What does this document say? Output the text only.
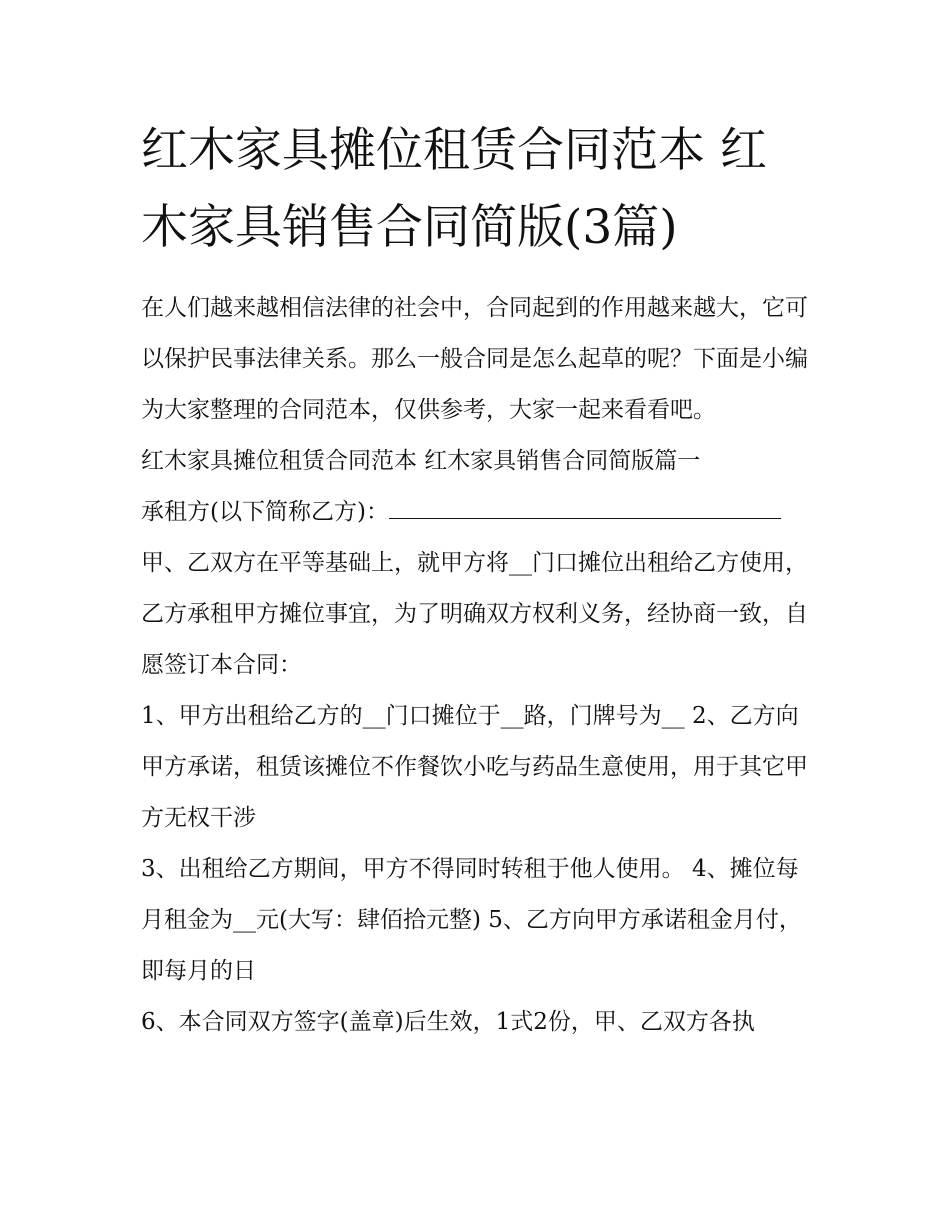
红木家具摊位租赁合同范本 红木家具销售合同简版(3篇)

在人们越来越相信法律的社会中，合同起到的作用越来越大，它可以保护民事法律关系。那么一般合同是怎么起草的呢？下面是小编为大家整理的合同范本，仅供参考，大家一起来看看吧。

红木家具摊位租赁合同范本 红木家具销售合同简版篇一

承租方(以下简称乙方)：

甲、乙双方在平等基础上，就甲方将__门口摊位出租给乙方使用，乙方承租甲方摊位事宜，为了明确双方权利义务，经协商一致，自愿签订本合同：

1、甲方出租给乙方的__门口摊位于__路，门牌号为__ 2、乙方向甲方承诺，租赁该摊位不作餐饮小吃与药品生意使用，用于其它甲方无权干涉

3、出租给乙方期间，甲方不得同时转租于他人使用。 4、摊位每月租金为__元(大写：肆佰拾元整) 5、乙方向甲方承诺租金月付，即每月的日

6、本合同双方签字(盖章)后生效，1式2份，甲、乙双方各执
